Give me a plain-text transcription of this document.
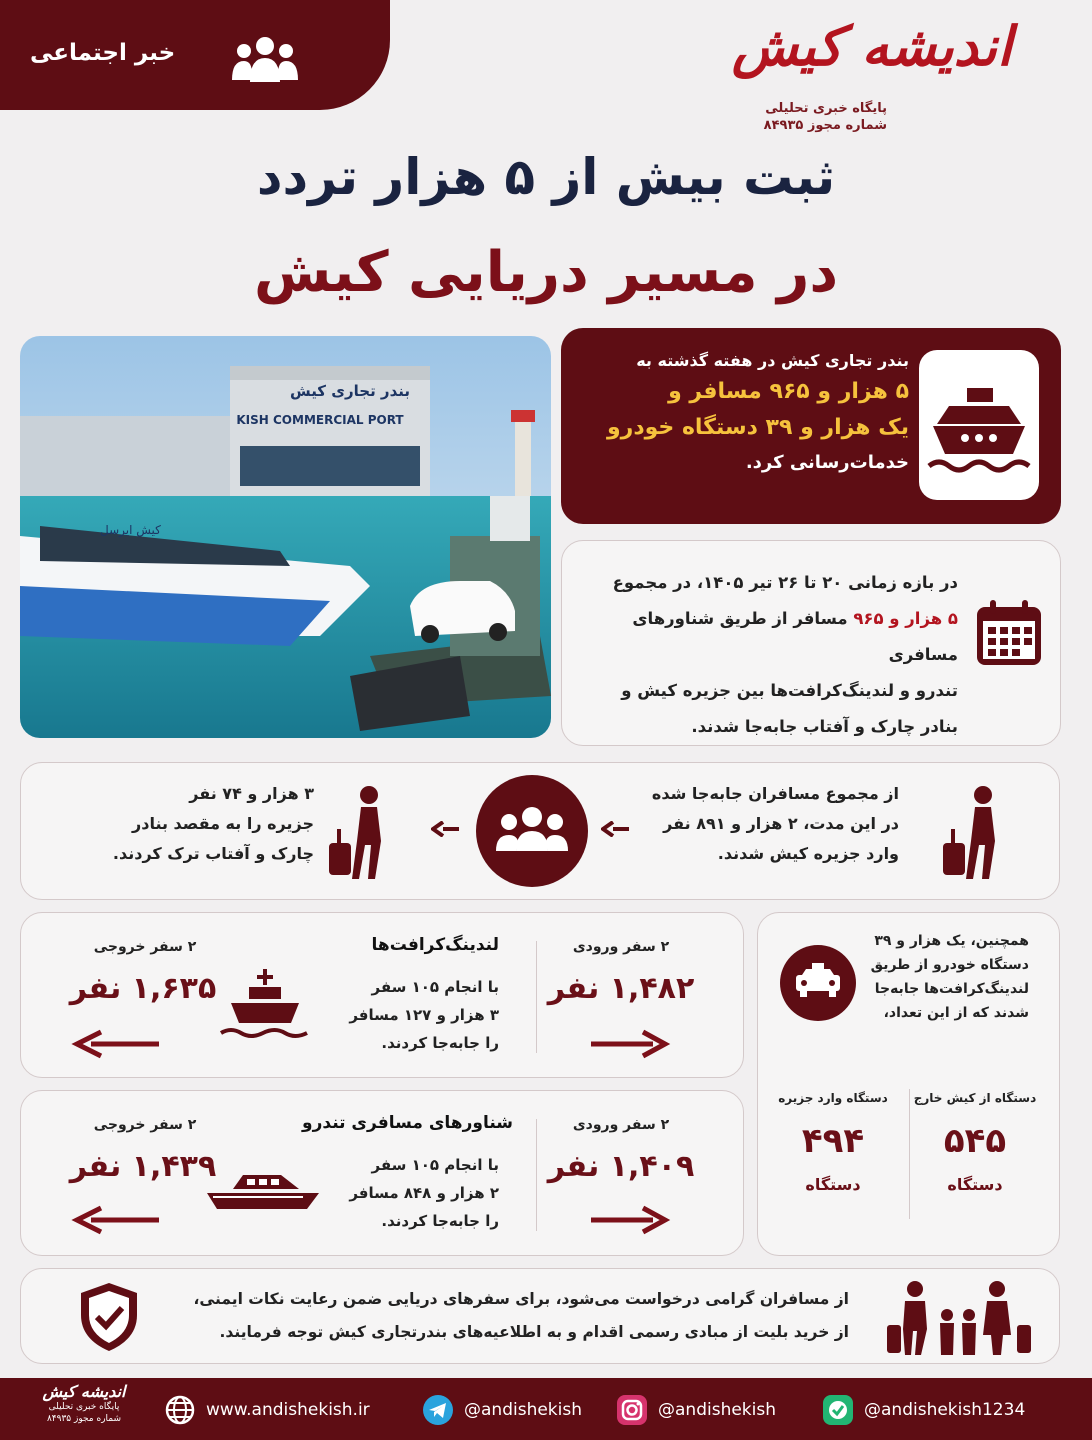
خبر اجتماعی	اندیشه کیش
پایگاه خبری تحلیلی
شماره مجوز ۸۴۹۳۵
ثبت بیش از ۵ هزار تردد
در مسیر دریایی کیش
بندر تجاری کیش
KISH COMMERCIAL PORT
کیش ایرسل
بندر تجاری کیش در هفته گذشته به
۵ هزار و ۹۶۵ مسافر و
یک هزار و ۳۹ دستگاه خودرو
خدمات‌رسانی کرد.
در بازه زمانی ۲۰ تا ۲۶ تیر ۱۴۰۵، در مجموع
۵ هزار و ۹۶۵ مسافر از طریق شناورهای مسافری
تندرو و لندینگ‌کرافت‌ها بین جزیره کیش و
بنادر چارک و آفتاب جابه‌جا شدند.
از مجموع مسافران جابه‌جا شده
در این مدت، ۲ هزار و ۸۹۱ نفر
وارد جزیره کیش شدند.
۳ هزار و ۷۴ نفر
جزیره را به مقصد بنادر
چارک و آفتاب ترک کردند.
۲ سفر ورودی
۱,۴۸۲ نفر
لندینگ‌کرافت‌ها
با انجام ۱۰۵ سفر
۳ هزار و ۱۲۷ مسافر
را جابه‌جا کردند.
۲ سفر خروجی
۱,۶۳۵ نفر
۲ سفر ورودی
۱,۴۰۹ نفر
شناورهای مسافری تندرو
با انجام ۱۰۵ سفر
۲ هزار و ۸۴۸ مسافر
را جابه‌جا کردند.
۲ سفر خروجی
۱,۴۳۹ نفر
همچنین، یک هزار و ۳۹
دستگاه خودرو از طریق
لندینگ‌کرافت‌ها جابه‌جا
شدند که از این تعداد،
دستگاه از کیش خارج
۵۴۵
دستگاه
دستگاه وارد جزیره
۴۹۴
دستگاه
از مسافران گرامی درخواست می‌شود، برای سفرهای دریایی ضمن رعایت نکات ایمنی،
از خرید بلیت از مبادی رسمی اقدام و به اطلاعیه‌های بندرتجاری کیش توجه فرمایند.
اندیشه کیش
پایگاه خبری تحلیلی
شماره مجوز ۸۴۹۳۵	www.andishekish.ir	@andishekish	@andishekish	@andishekish1234
